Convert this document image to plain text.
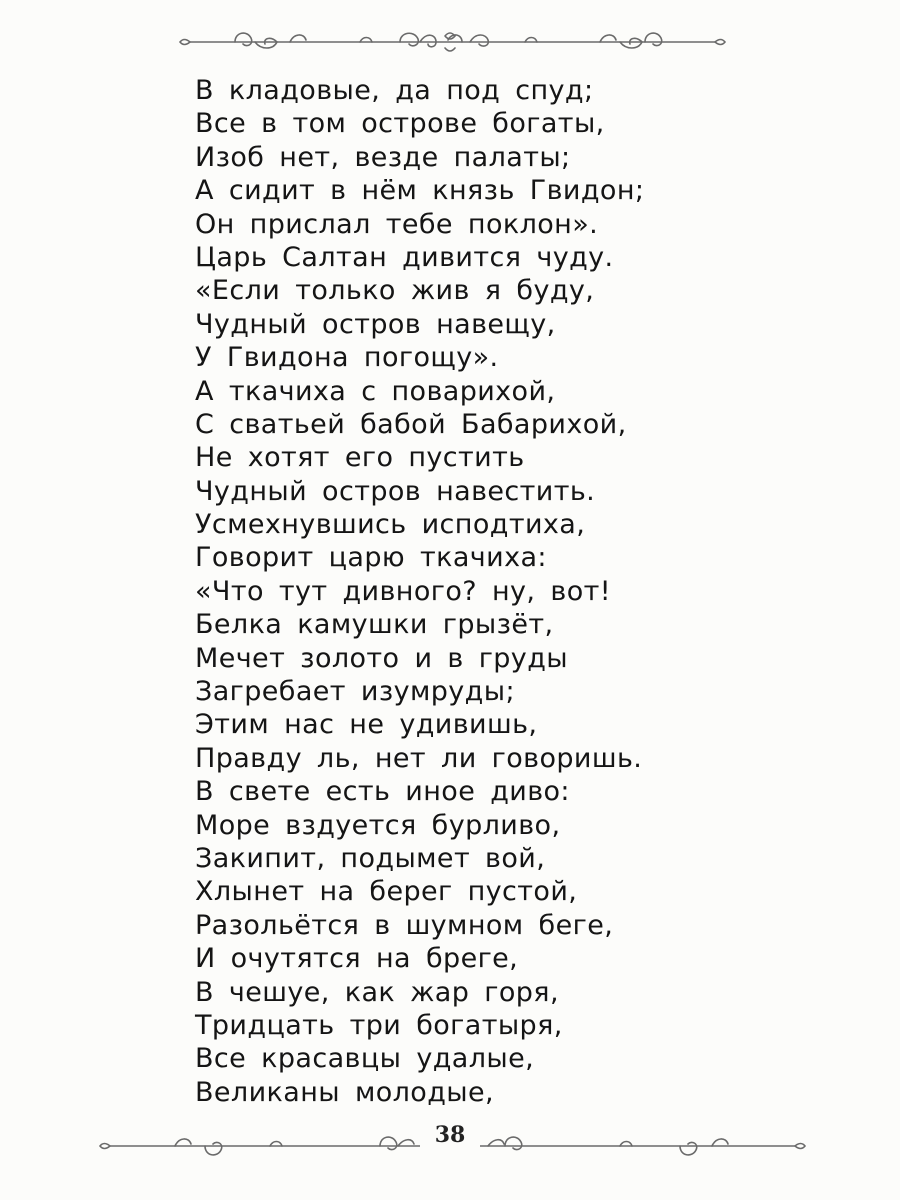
В кладовые, да под спуд;
Все в том острове богаты,
Изоб нет, везде палаты;
А сидит в нём князь Гвидон;
Он прислал тебе поклон».
Царь Салтан дивится чуду.
«Если только жив я буду,
Чудный остров навещу,
У Гвидона погощу».
А ткачиха с поварихой,
С сватьей бабой Бабарихой,
Не хотят его пустить
Чудный остров навестить.
Усмехнувшись исподтиха,
Говорит царю ткачиха:
«Что тут дивного? ну, вот!
Белка камушки грызёт,
Мечет золото и в груды
Загребает изумруды;
Этим нас не удивишь,
Правду ль, нет ли говоришь.
В свете есть иное диво:
Море вздуется бурливо,
Закипит, подымет вой,
Хлынет на берег пустой,
Разольётся в шумном беге,
И очутятся на бреге,
В чешуе, как жар горя,
Тридцать три богатыря,
Все красавцы удалые,
Великаны молодые,
38
